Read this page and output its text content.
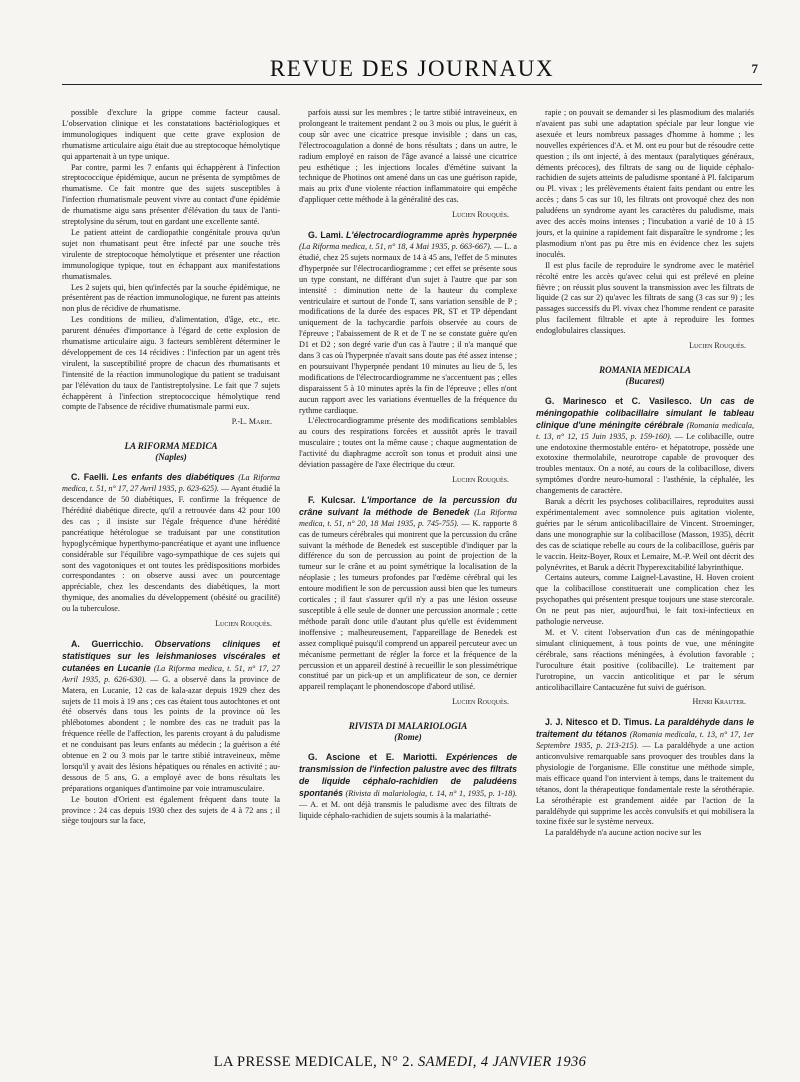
REVUE DES JOURNAUX	7

possible d'exclure la grippe comme facteur causal. L'observation clinique et les constatations bactériologiques et immunologiques indiquent que cette grave explosion de rhumatisme articulaire aigu était due au streptocoque hémolytique qui appartenait à un type unique.

Par contre, parmi les 7 enfants qui échappèrent à l'infection streptococcique épidémique, aucun ne présenta de symptômes de rhumatisme. Ce fait montre que des sujets susceptibles à l'infection rhumatismale peuvent vivre au contact d'une épidémie de rhumatisme aigu sans présenter d'élévation du taux de l'anti-streptolysine du sérum, tout en gardant une excellente santé.

Le patient atteint de cardiopathie congénitale prouva qu'un sujet non rhumatisant peut être infecté par une souche très virulente de streptocoque hémolytique et présenter une réaction immunologique typique, tout en échappant aux manifestations rhumatismales.

Les 2 sujets qui, bien qu'infectés par la souche épidémique, ne présentèrent pas de réaction immunologique, ne furent pas atteints non plus de récidive de rhumatisme.

Les conditions de milieu, d'alimentation, d'âge, etc., etc. parurent dénuées d'importance à l'égard de cette explosion de rhumatisme articulaire aigu. 3 facteurs semblèrent déterminer le développement de ces 14 récidives : l'infection par un agent très virulent, la susceptibilité propre de chacun des rhumatisants et l'intensité de la réaction immunologique du patient se traduisant par l'élévation du taux de l'antistreptolysine. Le fait que 7 sujets échappèrent à l'infection streptococcique hémolytique rend compte de l'absence de récidive rhumatismale parmi eux.

P.-L. Marie.
LA RIFORMA MEDICA
(Naples)

C. Faelli. Les enfants des diabétiques (La Riforma medica, t. 51, n° 17, 27 Avril 1935, p. 623-625). — Ayant étudié la descendance de 50 diabétiques, F. confirme la fréquence de l'hérédité diabétique directe, qu'il a retrouvée dans 42 pour 100 des cas ; il insiste sur l'égale fréquence d'une hérédité pancréatique hétérologue se traduisant par une constitution hypoglycémique hyperthymo-pancréatique et ayant une influence considérable sur l'équilibre vago-sympathique de ces sujets qui sont des vagotoniques et ont toutes les prédispositions morbides correspondantes : on observe aussi avec un pourcentage appréciable, chez les descendants des diabétiques, la mort thymique, des anomalies du développement (obésité ou gracilité) ou la tuberculose.

Lucien Rouquès.

A. Guerricchio. Observations cliniques et statistiques sur les leishmanioses viscérales et cutanées en Lucanie (La Riforma medica, t. 51, n° 17, 27 Avril 1935, p. 626-630). — G. a observé dans la province de Matera, en Lucanie, 12 cas de kala-azar depuis 1929 chez des sujets de 11 mois à 19 ans ; ces cas étaient tous autochtones et ont été observés dans tous les points de la province où les phlébotomes abondent ; le nombre des cas ne traduit pas la fréquence réelle de l'affection, les parents croyant à du paludisme et ne conduisant pas leurs enfants au médecin ; la guérison a été obtenue en 2 ou 3 mois par le tartre stibié intraveineux, même lorsqu'il y avait des lésions hépatiques ou rénales en activité ; au-dessous de 5 ans, G. a employé avec de bons résultats les préparations organiques d'antimoine par voie intramusculaire.

Le bouton d'Orient est également fréquent dans toute la province : 24 cas depuis 1930 chez des sujets de 4 à 72 ans ; il siège toujours sur la face,

parfois aussi sur les membres ; le tartre stibié intraveineux, en prolongeant le traitement pendant 2 ou 3 mois ou plus, le guérit à coup sûr avec une cicatrice presque invisible ; dans un cas, l'électrocoagulation a donné de bons résultats ; dans un autre, le radium employé en raison de l'âge avancé a laissé une cicatrice peu esthétique ; les injections locales d'émétine suivant la technique de Photinos ont amené dans un cas une guérison rapide, mais au prix d'une violente réaction inflammatoire qui empêche d'appliquer cette méthode à la généralité des cas.

Lucien Rouquès.

G. Lami. L'électrocardiogramme après hyperpnée (La Riforma medica, t. 51, n° 18, 4 Mai 1935, p. 663-667). — L. a étudié, chez 25 sujets normaux de 14 à 45 ans, l'effet de 5 minutes d'hyperpnée sur l'électrocardiogramme ; cet effet se présente sous un type constant, ne différant d'un sujet à l'autre que par son intensité : diminution nette de la hauteur du complexe ventriculaire et surtout de l'onde T, sans variation sensible de P ; modifications de la durée des espaces PR, ST et TP dépendant uniquement de la tachycardie parfois observée au cours de l'épreuve ; l'abaissement de R et de T ne se constate guère qu'en D1 et D2 ; son degré varie d'un cas à l'autre ; il n'a manqué que dans 3 cas où l'hyperpnée n'avait sans doute pas été assez intense ; en poursuivant l'hyperpnée pendant 10 minutes au lieu de 5, les modifications de l'électrocardiogramme ne s'accentuent pas ; elles disparaissent 5 à 10 minutes après la fin de l'épreuve ; elles n'ont aucun rapport avec les variations éventuelles de la fréquence du rythme cardiaque.

L'électrocardiogramme présente des modifications semblables au cours des respirations forcées et aussitôt après le travail musculaire ; toutes ont la même cause ; chaque augmentation de l'activité du diaphragme accroît son tonus et produit ainsi une déviation passagère de l'axe électrique du cœur.

Lucien Rouquès.

F. Kulcsar. L'importance de la percussion du crâne suivant la méthode de Benedek (La Riforma medica, t. 51, n° 20, 18 Mai 1935, p. 745-755). — K. rapporte 8 cas de tumeurs cérébrales qui montrent que la percussion du crâne suivant la méthode de Benedek est susceptible d'indiquer par la différence du son de percussion au point de projection de la tumeur sur le crâne et au point symétrique la localisation de la néoplasie ; les tumeurs profondes par l'œdème cérébral qui les entoure modifient le son de percussion aussi bien que les tumeurs corticales ; il faut s'assurer qu'il n'y a pas une lésion osseuse susceptible à elle seule de donner une percussion anormale ; cette méthode paraît donc utile d'autant plus qu'elle est évidemment inoffensive ; malheureusement, l'appareillage de Benedek est assez compliqué puisqu'il comprend un appareil percuteur avec un mécanisme permettant de régler la force et la fréquence de la percussion et un appareil destiné à recueillir le son plessimétrique constitué par un pick-up et un amplificateur de son, ce dernier appareil remplaçant le phonendoscope d'abord utilisé.

Lucien Rouquès.
RIVISTA DI MALARIOLOGIA
(Rome)

G. Ascione et E. Mariotti. Expériences de transmission de l'infection palustre avec des filtrats de liquide céphalo-rachidien de paludéens spontanés (Rivista di malariologia, t. 14, n° 1, 1935, p. 1-18). — A. et M. ont déjà transmis le paludisme avec des filtrats de liquide céphalo-rachidien de sujets soumis à la malariathé-

rapie ; on pouvait se demander si les plasmodium des malariés n'avaient pas subi une adaptation spéciale par leur longue vie asexuée et leurs nombreux passages d'homme à homme ; les nouvelles expériences d'A. et M. ont eu pour but de résoudre cette question ; ils ont injecté, à des mentaux (paralytiques généraux, déments précoces), des filtrats de sang ou de liquide céphalo-rachidien de sujets atteints de paludisme spontané à Pl. falciparum ou Pl. vivax ; les prélèvements étaient faits pendant ou entre les accès ; dans 5 cas sur 10, les filtrats ont provoqué chez des non paludéens un syndrome ayant les caractères du paludisme, mais avec des accès moins intenses ; l'incubation a varié de 10 à 15 jours, et la quinine a rapidement fait disparaître le syndrome ; les plasmodium n'ont pas pu être mis en évidence chez les sujets inoculés.

Il est plus facile de reproduire le syndrome avec le matériel récolté entre les accès qu'avec celui qui est prélevé en pleine fièvre ; on réussit plus souvent la transmission avec les filtrats de liquide (2 cas sur 2) qu'avec les filtrats de sang (3 cas sur 9) ; les passages successifs du Pl. vivax chez l'homme rendent ce parasite plus facilement filtrable et apte à reproduire les formes endoglobulaires classiques.

Lucien Rouquès.
ROMANIA MEDICALA
(Bucarest)

G. Marinesco et C. Vasilesco. Un cas de méningopathie colibacillaire simulant le tableau clinique d'une méningite cérébrale (Romania medicala, t. 13, n° 12, 15 Juin 1935, p. 159-160). — Le colibacille, outre une endotoxine thermostable entéro- et hépatotrope, possède une exotoxine thermolabile, neurotrope capable de provoquer des troubles mentaux. On a noté, au cours de la colibacillose, divers symptômes d'ordre neuro-humoral : l'asthénie, la céphalée, les changements de caractère.

Baruk a décrit les psychoses colibacillaires, reproduites aussi expérimentalement avec somnolence puis agitation violente, guéries par le sérum anticolibacillaire de Vincent. Stroeminger, dans une monographie sur la colibacillose (Masson, 1935), décrit des cas de sciatique rebelle au cours de la colibacillose, guéris par le vaccin. Heitz-Boyer, Roux et Lemaire, M.-P. Weil ont décrit des polynévrites, et Baruk a décrit l'hyperexcitabilité labyrinthique.

Certains auteurs, comme Laignel-Lavastine, H. Hoven croient que la colibacillose constituerait une complication chez les psychopathes qui présentent presque toujours une stase stercorale. On ne peut pas nier, aujourd'hui, le fait toxi-infectieux en pathologie nerveuse.

M. et V. citent l'observation d'un cas de méningopathie simulant cliniquement, à tous points de vue, une méningite cérébrale, sans réactions méningées, à évolution favorable ; l'uroculture était positive (colibacille). Le traitement par l'urotropine, un vaccin anticolitique et par le sérum anticolibacillaire Cantacuzène fut suivi de guérison.

Henri Krauter.

J. J. Nitesco et D. Timus. La paraldéhyde dans le traitement du tétanos (Romania medicala, t. 13, n° 17, 1er Septembre 1935, p. 213-215). — La paraldéhyde a une action anticonvulsive remarquable sans provoquer des troubles dans la physiologie de l'organisme. Elle constitue une méthode simple, mais efficace quand l'on intervient à temps, dans le traitement du tétanos, dont la thérapeutique fondamentale reste la sérothérapie. La sérothérapie est grandement aidée par l'action de la paraldéhyde qui supprime les accès convulsifs et qui mobilisera la toxine fixée sur le système nerveux.

La paraldéhyde n'a aucune action nocive sur les

LA PRESSE MEDICALE, N° 2. SAMEDI, 4 JANVIER 1936
